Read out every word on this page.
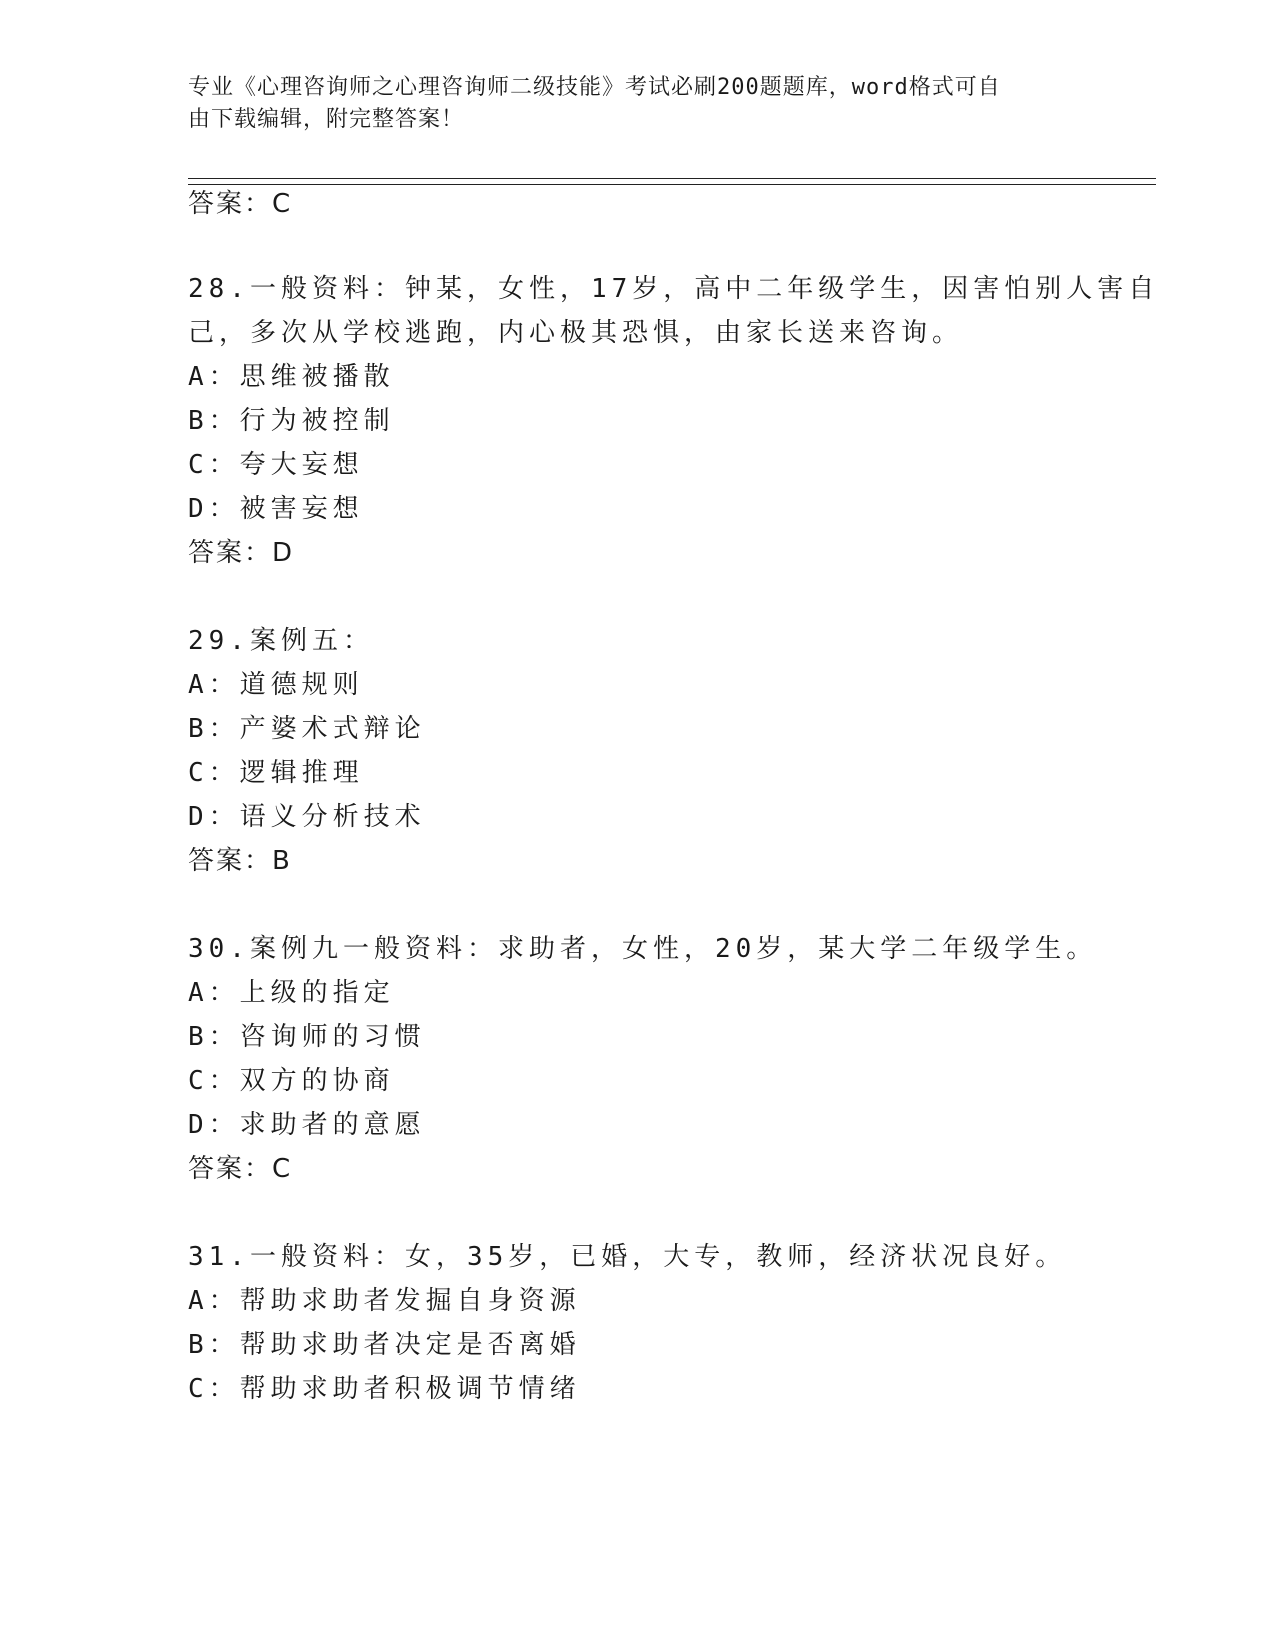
专业《心理咨询师之心理咨询师二级技能》考试必刷200题题库，word格式可自
由下载编辑，附完整答案！
答案：C
28.一般资料：钟某，女性，17岁，高中二年级学生，因害怕别人害自
己，多次从学校逃跑，内心极其恐惧，由家长送来咨询。
A：思维被播散
B：行为被控制
C：夸大妄想
D：被害妄想
答案：D
29.案例五：
A：道德规则
B：产婆术式辩论
C：逻辑推理
D：语义分析技术
答案：B
30.案例九一般资料：求助者，女性，20岁，某大学二年级学生。
A：上级的指定
B：咨询师的习惯
C：双方的协商
D：求助者的意愿
答案：C
31.一般资料：女，35岁，已婚，大专，教师，经济状况良好。
A：帮助求助者发掘自身资源
B：帮助求助者决定是否离婚
C：帮助求助者积极调节情绪
